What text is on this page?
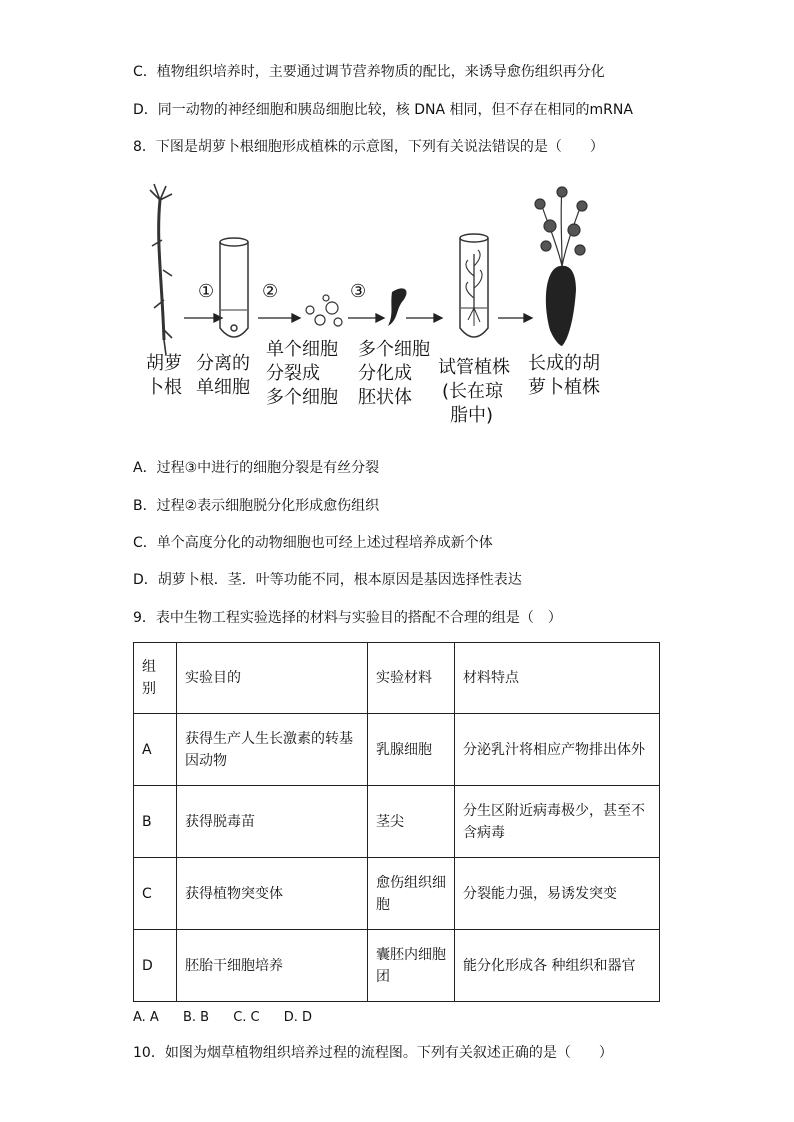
C．植物组织培养时，主要通过调节营养物质的配比，来诱导愈伤组织再分化
D．同一动物的神经细胞和胰岛细胞比较，核 DNA 相同，但不存在相同的mRNA
8．下图是胡萝卜根细胞形成植株的示意图，下列有关说法错误的是（　　）
①	②	③
胡萝
卜根
分离的
单细胞
单个细胞
分裂成
多个细胞
多个细胞
分化成
胚状体
试管植株
(长在琼
脂中)
长成的胡
萝卜植株
A．过程③中进行的细胞分裂是有丝分裂
B．过程②表示细胞脱分化形成愈伤组织
C．单个高度分化的动物细胞也可经上述过程培养成新个体
D．胡萝卜根．茎．叶等功能不同，根本原因是基因选择性表达
9．表中生物工程实验选择的材料与实验目的搭配不合理的组是（　）
组别	实验目的	实验材料	材料特点
A	获得生产人生长激素的转基因动物	乳腺细胞	分泌乳汁将相应产物排出体外
B	获得脱毒苗	茎尖	分生区附近病毒极少，甚至不含病毒
C	获得植物突变体	愈伤组织细胞	分裂能力强，易诱发突变
D	胚胎干细胞培养	囊胚内细胞团	能分化形成各 种组织和器官
A. A B. B C. C D. D
10．如图为烟草植物组织培养过程的流程图。下列有关叙述正确的是（　　）
